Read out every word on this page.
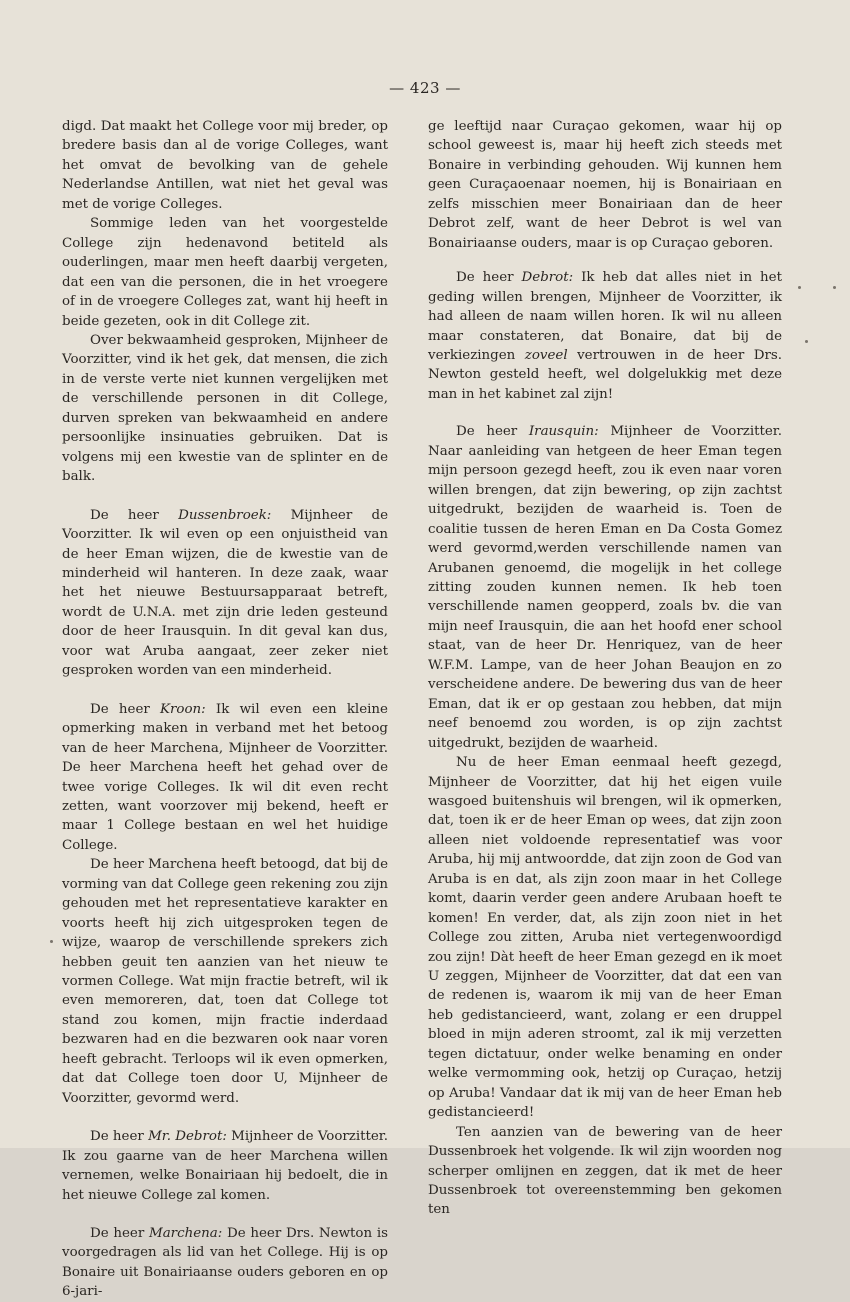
— 423 —

digd. Dat maakt het College voor mij breder, op bredere basis dan al de vorige Colleges, want het omvat de bevolking van de gehele Nederlandse Antillen, wat niet het geval was met de vorige Colleges.

Sommige leden van het voorgestelde College zijn hedenavond betiteld als ouderlingen, maar men heeft daarbij vergeten, dat een van die personen, die in het vroegere of in de vroegere Colleges zat, want hij heeft in beide gezeten, ook in dit College zit.

Over bekwaamheid gesproken, Mijnheer de Voorzitter, vind ik het gek, dat mensen, die zich in de verste verte niet kunnen vergelijken met de verschillende personen in dit College, durven spreken van bekwaamheid en andere persoonlijke insinuaties gebruiken. Dat is volgens mij een kwestie van de splinter en de balk.

De heer Dussenbroek: Mijnheer de Voorzitter. Ik wil even op een onjuistheid van de heer Eman wijzen, die de kwestie van de minderheid wil hanteren. In deze zaak, waar het het nieuwe Bestuursapparaat betreft, wordt de U.N.A. met zijn drie leden gesteund door de heer Irausquin. In dit geval kan dus, voor wat Aruba aangaat, zeer zeker niet gesproken worden van een minderheid.

De heer Kroon: Ik wil even een kleine opmerking maken in verband met het betoog van de heer Marchena, Mijnheer de Voorzitter. De heer Marchena heeft het gehad over de twee vorige Colleges. Ik wil dit even recht zetten, want voorzover mij bekend, heeft er maar 1 College bestaan en wel het huidige College.

De heer Marchena heeft betoogd, dat bij de vorming van dat College geen rekening zou zijn gehouden met het representatieve karakter en voorts heeft hij zich uitgesproken tegen de wijze, waarop de verschillende sprekers zich hebben geuit ten aanzien van het nieuw te vormen College. Wat mijn fractie betreft, wil ik even memoreren, dat, toen dat College tot stand zou komen, mijn fractie inderdaad bezwaren had en die bezwaren ook naar voren heeft gebracht. Terloops wil ik even opmerken, dat dat College toen door U, Mijnheer de Voorzitter, gevormd werd.

De heer Mr. Debrot: Mijnheer de Voorzitter. Ik zou gaarne van de heer Marchena willen vernemen, welke Bonairiaan hij bedoelt, die in het nieuwe College zal komen.

De heer Marchena: De heer Drs. Newton is voorgedragen als lid van het College. Hij is op Bonaire uit Bonairiaanse ouders geboren en op 6-jari-

ge leeftijd naar Curaçao gekomen, waar hij op school geweest is, maar hij heeft zich steeds met Bonaire in verbinding gehouden. Wij kunnen hem geen Curaçaoenaar noemen, hij is Bonairiaan en zelfs misschien meer Bonairiaan dan de heer Debrot zelf, want de heer Debrot is wel van Bonairiaanse ouders, maar is op Curaçao geboren.

De heer Debrot: Ik heb dat alles niet in het geding willen brengen, Mijnheer de Voorzitter, ik had alleen de naam willen horen. Ik wil nu alleen maar constateren, dat Bonaire, dat bij de verkiezingen zoveel vertrouwen in de heer Drs. Newton gesteld heeft, wel dolgelukkig met deze man in het kabinet zal zijn!

De heer Irausquin: Mijnheer de Voorzitter. Naar aanleiding van hetgeen de heer Eman tegen mijn persoon gezegd heeft, zou ik even naar voren willen brengen, dat zijn bewering, op zijn zachtst uitgedrukt, bezijden de waarheid is. Toen de coalitie tussen de heren Eman en Da Costa Gomez werd gevormd,werden verschillende namen van Arubanen genoemd, die mogelijk in het college zitting zouden kunnen nemen. Ik heb toen verschillende namen geopperd, zoals bv. die van mijn neef Irausquin, die aan het hoofd ener school staat, van de heer Dr. Henriquez, van de heer W.F.M. Lampe, van de heer Johan Beaujon en zo verscheidene andere. De bewering dus van de heer Eman, dat ik er op gestaan zou hebben, dat mijn neef benoemd zou worden, is op zijn zachtst uitgedrukt, bezijden de waarheid.

Nu de heer Eman eenmaal heeft gezegd, Mijnheer de Voorzitter, dat hij het eigen vuile wasgoed buitenshuis wil brengen, wil ik opmerken, dat, toen ik er de heer Eman op wees, dat zijn zoon alleen niet voldoende representatief was voor Aruba, hij mij antwoordde, dat zijn zoon de God van Aruba is en dat, als zijn zoon maar in het College komt, daarin verder geen andere Arubaan hoeft te komen! En verder, dat, als zijn zoon niet in het College zou zitten, Aruba niet vertegenwoordigd zou zijn! Dàt heeft de heer Eman gezegd en ik moet U zeggen, Mijnheer de Voorzitter, dat dat een van de redenen is, waarom ik mij van de heer Eman heb gedistancieerd, want, zolang er een druppel bloed in mijn aderen stroomt, zal ik mij verzetten tegen dictatuur, onder welke benaming en onder welke vermomming ook, hetzij op Curaçao, hetzij op Aruba! Vandaar dat ik mij van de heer Eman heb gedistancieerd!

Ten aanzien van de bewering van de heer Dussenbroek het volgende. Ik wil zijn woorden nog scherper omlijnen en zeggen, dat ik met de heer Dussenbroek tot overeenstemming ben gekomen ten
